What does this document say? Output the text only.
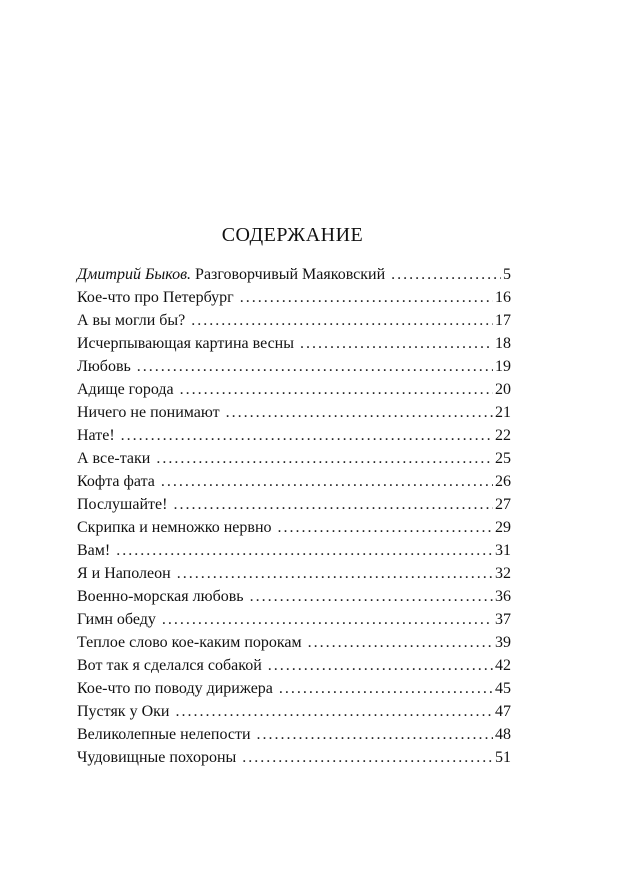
СОДЕРЖАНИЕ
Дмитрий Быков. Разговорчивый Маяковский . . .	5
Кое-что про Петербург . . .	16
А вы могли бы? . . .	17
Исчерпывающая картина весны . . .	18
Любовь . . .	19
Адище города . . .	20
Ничего не понимают . . .	21
Нате! . . .	22
А все-таки . . .	25
Кофта фата . . .	26
Послушайте! . . .	27
Скрипка и немножко нервно . . .	29
Вам! . . .	31
Я и Наполеон . . .	32
Военно-морская любовь . . .	36
Гимн обеду . . .	37
Теплое слово кое-каким порокам . . .	39
Вот так я сделался собакой . . .	42
Кое-что по поводу дирижера . . .	45
Пустяк у Оки . . .	47
Великолепные нелепости . . .	48
Чудовищные похороны . . .	51
